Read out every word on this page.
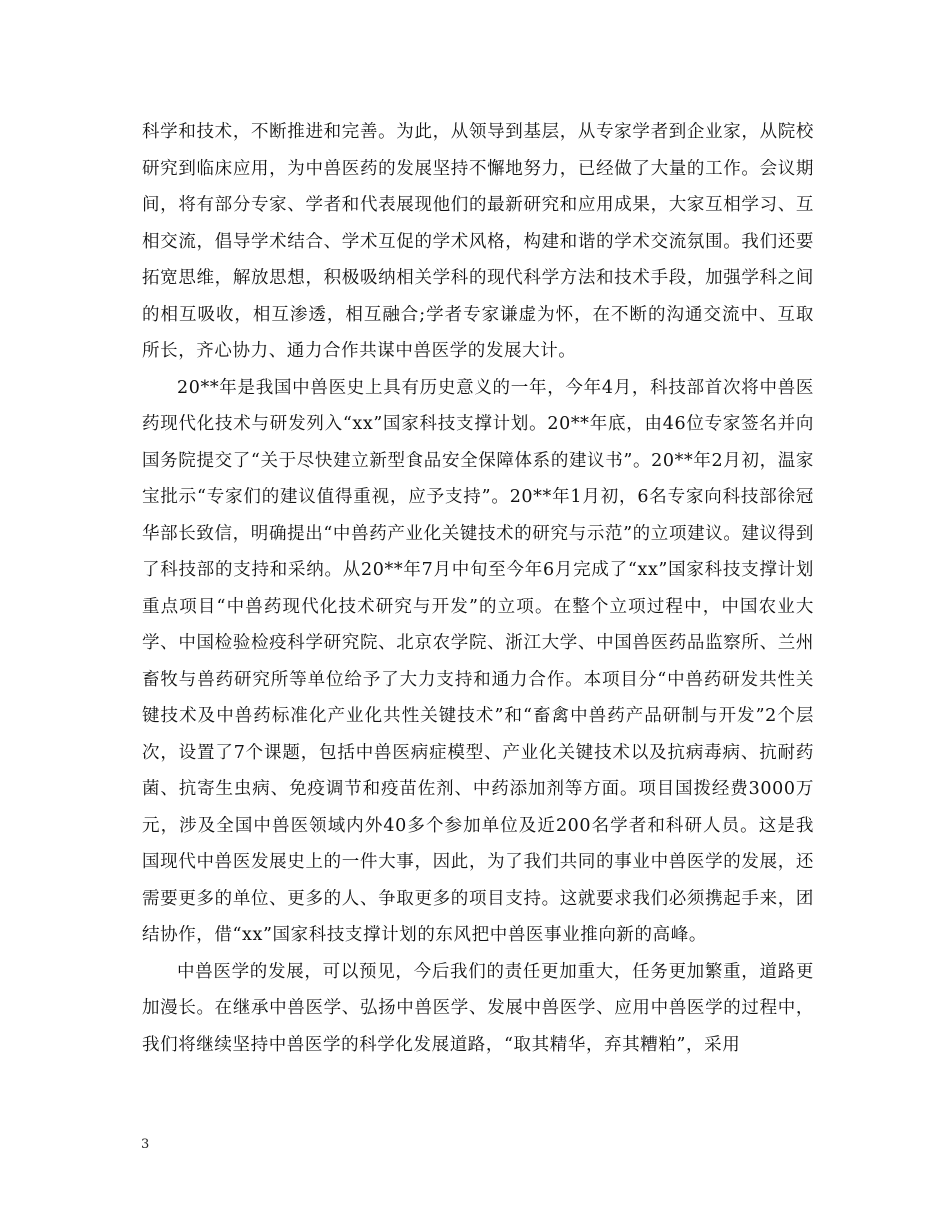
科学和技术，不断推进和完善。为此，从领导到基层，从专家学者到企业家，从院校研究到临床应用，为中兽医药的发展坚持不懈地努力，已经做了大量的工作。会议期间，将有部分专家、学者和代表展现他们的最新研究和应用成果，大家互相学习、互相交流，倡导学术结合、学术互促的学术风格，构建和谐的学术交流氛围。我们还要拓宽思维，解放思想，积极吸纳相关学科的现代科学方法和技术手段，加强学科之间的相互吸收，相互渗透，相互融合;学者专家谦虚为怀，在不断的沟通交流中、互取所长，齐心协力、通力合作共谋中兽医学的发展大计。

20**年是我国中兽医史上具有历史意义的一年，今年4月，科技部首次将中兽医药现代化技术与研发列入“xx”国家科技支撑计划。20**年底，由46位专家签名并向国务院提交了“关于尽快建立新型食品安全保障体系的建议书”。20**年2月初，温家宝批示“专家们的建议值得重视，应予支持”。20**年1月初，6名专家向科技部徐冠华部长致信，明确提出“中兽药产业化关键技术的研究与示范”的立项建议。建议得到了科技部的支持和采纳。从20**年7月中旬至今年6月完成了“xx”国家科技支撑计划重点项目“中兽药现代化技术研究与开发”的立项。在整个立项过程中，中国农业大学、中国检验检疫科学研究院、北京农学院、浙江大学、中国兽医药品监察所、兰州畜牧与兽药研究所等单位给予了大力支持和通力合作。本项目分“中兽药研发共性关键技术及中兽药标准化产业化共性关键技术”和“畜禽中兽药产品研制与开发”2个层次，设置了7个课题，包括中兽医病症模型、产业化关键技术以及抗病毒病、抗耐药菌、抗寄生虫病、免疫调节和疫苗佐剂、中药添加剂等方面。项目国拨经费3000万元，涉及全国中兽医领域内外40多个参加单位及近200名学者和科研人员。这是我国现代中兽医发展史上的一件大事，因此，为了我们共同的事业中兽医学的发展，还需要更多的单位、更多的人、争取更多的项目支持。这就要求我们必须携起手来，团结协作，借“xx”国家科技支撑计划的东风把中兽医事业推向新的高峰。

中兽医学的发展，可以预见，今后我们的责任更加重大，任务更加繁重，道路更加漫长。在继承中兽医学、弘扬中兽医学、发展中兽医学、应用中兽医学的过程中，我们将继续坚持中兽医学的科学化发展道路，“取其精华，弃其糟粕”，采用

3
